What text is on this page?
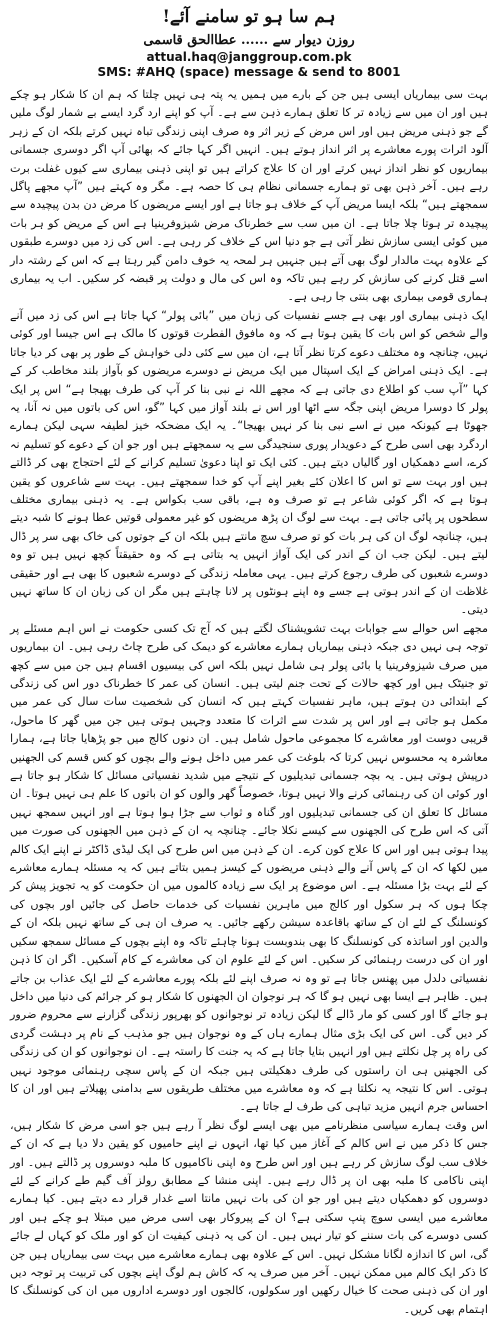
ہم سا ہو تو سامنے آئے!
روزن دیوار سے ...... عطاالحق قاسمی
attual.haq@janggroup.com.pk
SMS: #AHQ (space) message & send to 8001

بہت سی بیماریاں ایسی ہیں جن کے بارے میں ہمیں یہ پتہ ہی نہیں چلتا کہ ہم ان کا شکار ہو چکے ہیں اور ان میں سے زیادہ تر کا تعلق ہمارے ذہن سے ہے۔ آپ کو اپنے ارد گرد ایسے بے شمار لوگ ملیں گے جو ذہنی مریض ہیں اور اس مرض کے زیر اثر وہ صرف اپنی زندگی تباہ نہیں کرتے بلکہ ان کے زہر آلود اثرات پورے معاشرے پر اثر انداز ہوتے ہیں۔ انہیں اگر کہا جائے کہ بھائی آپ اگر دوسری جسمانی بیماریوں کو نظر انداز نہیں کرتے اور ان کا علاج کراتے ہیں تو اپنی ذہنی بیماری سے کیوں غفلت برت رہے ہیں۔ آخر ذہن بھی تو ہمارے جسمانی نظام ہی کا حصہ ہے۔ مگر وہ کہتے ہیں ”آپ مجھے پاگل سمجھتے ہیں“ بلکہ ایسا مریض آپ کے خلاف ہو جاتا ہے اور ایسے مریضوں کا مرض دن بدن پیچیدہ سے پیچیدہ تر ہوتا چلا جاتا ہے۔ ان میں سب سے خطرناک مرض شیزوفرینیا ہے اس کے مریض کو ہر بات میں کوئی ایسی سازش نظر آتی ہے جو دنیا اس کے خلاف کر رہی ہے۔ اس کی زد میں دوسرے طبقوں کے علاوہ بہت مالدار لوگ بھی آتے ہیں جنہیں ہر لمحہ یہ خوف دامن گیر رہتا ہے کہ اس کے رشتہ دار اسے قتل کرنے کی سازش کر رہے ہیں تاکہ وہ اس کی مال و دولت پر قبضہ کر سکیں۔ اب یہ بیماری ہماری قومی بیماری بھی بنتی جا رہی ہے۔

ایک ذہنی بیماری اور بھی ہے جسے نفسیات کی زبان میں ”بائی پولر“ کہا جاتا ہے اس کی زد میں آنے والے شخص کو اس بات کا یقین ہوتا ہے کہ وہ مافوق الفطرت قوتوں کا مالک ہے اس جیسا اور کوئی نہیں، چنانچہ وہ مختلف دعوے کرتا نظر آتا ہے، ان میں سے کئی دلی خواہش کے طور پر بھی کر دیا جاتا ہے۔ ایک ذہنی امراض کے ایک اسپتال میں ایک مریض نے دوسرے مریضوں کو بآواز بلند مخاطب کر کے کہا ”آپ سب کو اطلاع دی جاتی ہے کہ مجھے اللہ نے نبی بنا کر آپ کی طرف بھیجا ہے“ اس پر ایک پولر کا دوسرا مریض اپنی جگہ سے اٹھا اور اس نے بلند آواز میں کہا ”گو، اس کی باتوں میں نہ آنا، یہ جھوٹا ہے کیونکہ میں نے اسے نبی بنا کر نہیں بھیجا“۔ یہ ایک مضحکہ خیز لطیفہ سہی لیکن ہمارے اردگرد بھی اسی طرح کے دعویدار پوری سنجیدگی سے یہ سمجھتے ہیں اور جو ان کے دعوے کو تسلیم نہ کرے، اسے دھمکیاں اور گالیاں دیتے ہیں۔ کئی ایک تو اپنا دعویٰ تسلیم کرانے کے لئے احتجاج بھی کر ڈالتے ہیں اور بہت سے تو اس کا اعلان کئے بغیر اپنے آپ کو خدا سمجھتے ہیں۔ بہت سے شاعروں کو یقین ہوتا ہے کہ اگر کوئی شاعر ہے تو صرف وہ ہے، باقی سب بکواس ہے۔ یہ ذہنی بیماری مختلف سطحوں پر پائی جاتی ہے۔ بہت سے لوگ ان پڑھ مریضوں کو غیر معمولی قوتیں عطا ہونے کا شبہ دیتے ہیں، چنانچہ لوگ ان کی ہر بات کو تو صرف سچ مانتے ہیں بلکہ ان کے جوتوں کی خاک بھی سر پر ڈال لیتے ہیں۔ لیکن جب ان کے اندر کی ایک آواز انہیں یہ بتاتی ہے کہ وہ حقیقتاً کچھ نہیں ہیں تو وہ دوسرے شعبوں کی طرف رجوع کرتے ہیں۔ یہی معاملہ زندگی کے دوسرے شعبوں کا بھی ہے اور حقیقی غلاظت ان کے اندر ہوتی ہے جسے وہ اپنے ہونٹوں پر لانا چاہتے ہیں مگر ان کی زبان ان کا ساتھ نہیں دیتی۔

مجھے اس حوالے سے جوابات بہت تشویشناک لگتے ہیں کہ آج تک کسی حکومت نے اس اہم مسئلے پر توجہ ہی نہیں دی جبکہ ذہنی بیماریاں ہمارے معاشرے کو دیمک کی طرح چاٹ رہی ہیں۔ ان بیماریوں میں صرف شیزوفرینیا یا بائی پولر ہی شامل نہیں بلکہ اس کی بیسیوں اقسام ہیں جن میں سے کچھ تو جنیٹک ہیں اور کچھ حالات کے تحت جنم لیتی ہیں۔ انسان کی عمر کا خطرناک دور اس کی زندگی کے ابتدائی دن ہوتے ہیں، ماہر نفسیات کہتے ہیں کہ انسان کی شخصیت سات سال کی عمر میں مکمل ہو جاتی ہے اور اس پر شدت سے اثرات کا متعدد وجہیں ہوتی ہیں جن میں گھر کا ماحول، قریبی دوست اور معاشرے کا مجموعی ماحول شامل ہیں۔ ان دنوں کالج میں جو پڑھایا جاتا ہے، ہمارا معاشرہ یہ محسوس نہیں کرتا کہ بلوغت کی عمر میں داخل ہونے والے بچوں کو کس قسم کی الجھنیں درپیش ہوتی ہیں۔ یہ بچہ جسمانی تبدیلیوں کے نتیجے میں شدید نفسیاتی مسائل کا شکار ہو جاتا ہے اور کوئی ان کی رہنمائی کرنے والا نہیں ہوتا، خصوصاً گھر والوں کو ان باتوں کا علم ہی نہیں ہوتا۔ ان مسائل کا تعلق ان کی جسمانی تبدیلیوں اور گناہ و ثواب سے جڑا ہوا ہوتا ہے اور انہیں سمجھ نہیں آتی کہ اس طرح کی الجھنوں سے کیسے نکلا جائے۔ چنانچہ یہ ان کے ذہن میں الجھنوں کی صورت میں پیدا ہوتی ہیں اور اس کا علاج کون کرے۔ ان کے ذہن میں اس طرح کی ایک لیڈی ڈاکٹر نے اپنے ایک کالم میں لکھا کہ ان کے پاس آنے والے ذہنی مریضوں کے کیسز ہمیں بتاتے ہیں کہ یہ مسئلہ ہمارے معاشرے کے لئے بہت بڑا مسئلہ ہے۔ اس موضوع پر ایک سے زیادہ کالموں میں ان حکومت کو یہ تجویز پیش کر چکا ہوں کہ ہر سکول اور کالج میں ماہرین نفسیات کی خدمات حاصل کی جائیں اور بچوں کی کونسلنگ کے لئے ان کے ساتھ باقاعدہ سیشن رکھے جائیں۔ یہ صرف ان ہی کے ساتھ نہیں بلکہ ان کے والدین اور اساتذہ کی کونسلنگ کا بھی بندوبست ہونا چاہئے تاکہ وہ اپنے بچوں کے مسائل سمجھ سکیں اور ان کی درست رہنمائی کر سکیں۔ اس کے لئے علوم ان کی معاشرے کے کام آسکیں۔ اگر ان کا ذہن نفسیاتی دلدل میں پھنس جاتا ہے تو وہ نہ صرف اپنے لئے بلکہ پورے معاشرے کے لئے ایک عذاب بن جاتے ہیں۔ ظاہر ہے ایسا بھی نہیں ہو گا کہ ہر نوجوان ان الجھنوں کا شکار ہو کر جرائم کی دنیا میں داخل ہو جائے گا اور کسی کو مار ڈالے گا لیکن زیادہ تر نوجوانوں کو بھرپور زندگی گزارنے سے محروم ضرور کر دیں گی۔ اس کی ایک بڑی مثال ہمارے ہاں کے وہ نوجوان ہیں جو مذہب کے نام پر دہشت گردی کی راہ پر چل نکلتے ہیں اور انہیں بتایا جاتا ہے کہ یہ جنت کا راستہ ہے۔ ان نوجوانوں کو ان کی زندگی کی الجھنیں ہی ان راستوں کی طرف دھکیلتی ہیں جبکہ ان کے پاس سچی رہنمائی موجود نہیں ہوتی۔ اس کا نتیجہ یہ نکلتا ہے کہ وہ معاشرے میں مختلف طریقوں سے بدامنی پھیلاتے ہیں اور ان کا احساس جرم انہیں مزید تباہی کی طرف لے جاتا ہے۔

اس وقت ہمارے سیاسی منظرنامے میں بھی ایسے لوگ نظر آ رہے ہیں جو اسی مرض کا شکار ہیں، جس کا ذکر میں نے اس کالم کے آغاز میں کیا تھا، انہوں نے اپنے حامیوں کو یقین دلا دیا ہے کہ ان کے خلاف سب لوگ سازش کر رہے ہیں اور اس طرح وہ اپنی ناکامیوں کا ملبہ دوسروں پر ڈالتے ہیں۔ اور اپنی ناکامی کا ملبہ بھی ان پر ڈال رہے ہیں۔ اپنی منشا کے مطابق رولز آف گیم طے کرانے کے لئے دوسروں کو دھمکیاں دیتے ہیں اور جو ان کی بات نہیں مانتا اسے غدار قرار دے دیتے ہیں۔ کیا ہمارے معاشرے میں ایسی سوچ پنپ سکتی ہے؟ ان کے پیروکار بھی اسی مرض میں مبتلا ہو چکے ہیں اور کسی دوسرے کی بات سننے کو تیار نہیں ہیں۔ ان کی یہ ذہنی کیفیت ان کو اور ملک کو کہاں لے جائے گی، اس کا اندازہ لگانا مشکل نہیں۔ اس کے علاوہ بھی ہمارے معاشرے میں بہت سی بیماریاں ہیں جن کا ذکر ایک کالم میں ممکن نہیں۔ آخر میں صرف یہ کہ کاش ہم لوگ اپنے بچوں کی تربیت پر توجہ دیں اور ان کی ذہنی صحت کا خیال رکھیں اور سکولوں، کالجوں اور دوسرے اداروں میں ان کی کونسلنگ کا اہتمام بھی کریں۔
